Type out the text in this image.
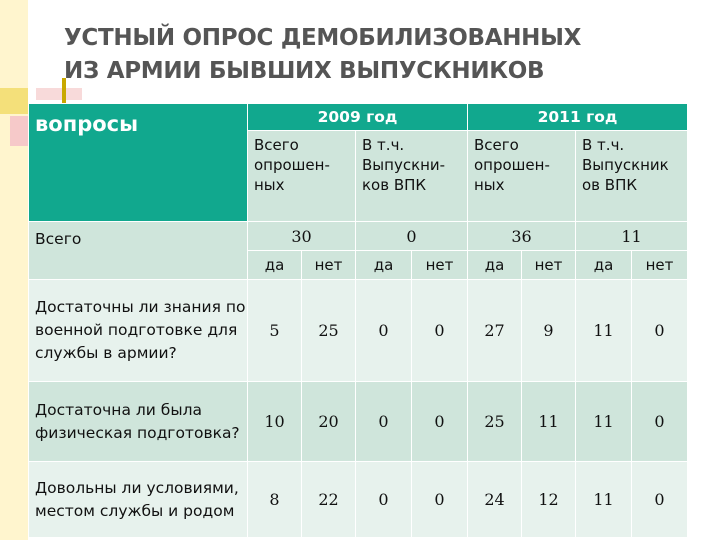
УСТНЫЙ ОПРОС ДЕМОБИЛИЗОВАННЫХ
ИЗ АРМИИ БЫВШИХ ВЫПУСКНИКОВ
вопросы	2009 год				2011 год			
	Всего опрошен-ных		В т.ч. Выпускни-ков ВПК		Всего опрошен-ных		В т.ч. Выпускник ов ВПК	
Всего	30		0		36		11	
	да	нет	да	нет	да	нет	да	нет
Достаточны ли знания по военной подготовке для службы в армии?	5	25	0	0	27	9	11	0
Достаточна ли была физическая подготовка?	10	20	0	0	25	11	11	0
Довольны ли условиями, местом службы и родом	8	22	0	0	24	12	11	0
